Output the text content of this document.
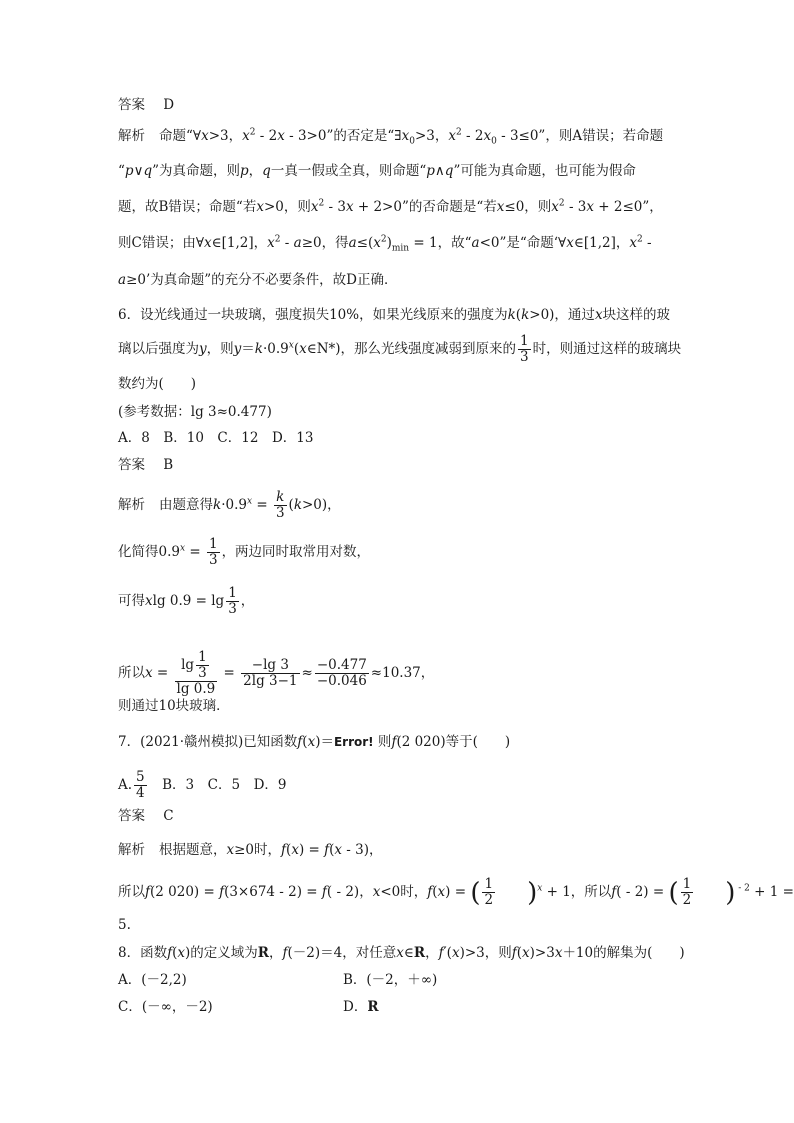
答案 D
解析 命题“∀x>3，$x^2 - 2x - 3>0$”的否定是“$\exists x_0>3$，$x^2 - 2x_0 - 3\le 0$”，则A错误；若命题
“p∨q”为真命题，则p，q一真一假或全真，则命题“p∧q”可能为真命题，也可能为假命
题，故B错误；命题“若x>0，则$x^2 - 3x + 2>0$”的否命题是“若x≤0，则$x^2 - 3x + 2\le 0$”，
则C错误；由∀x∈[1,2]，$x^2 - a\ge 0$，得$a\le(x^2)_{min} = 1$，故“a<0”是“命题‘∀x∈[1,2]，$x^2$ -
a≥0’为真命题”的充分不必要条件，故D正确．
6．设光线通过一块玻璃，强度损失10%，如果光线原来的强度为k(k>0)，通过x块这样的玻
璃以后强度为y，则$y=k\cdot 0.9^x(x\in N*)$，那么光线强度减弱到原来的 $\frac{1}{3}$ 时，则通过这样的玻璃块
数约为(　　)
(参考数据：lg 3≈0.477)
A．8　B．10　C．12　D．13
答案 B
解析 由题意得$k\cdot 0.9^x = \frac{k}{3} (k>0)$，
化简得$0.9^x = \frac{1}{3}$ ，两边同时取常用对数，
可得xlg $0.9 = \lg \frac{1}{3}$ ，
所以$x = \frac{\lg \frac{1}{3}}{\lg 0.9} = \frac{-\lg 3}{2\lg 3-1} \approx \frac{-0.477}{-0.046} \approx 10.37$，
则通过10块玻璃．
7．(2021·赣州模拟)已知函数f(x)＝Error! 则f(2 020)等于(　　)
A. $\frac{5}{4}$ 　B．3　C．5　D．9
答案 C
解析 根据题意，x≥0时，f(x) = f(x - 3)，
所以f(2 020) = f(3×674 - 2) = f( - 2)，x<0时，f(x) = ( $\frac{1}{2} )^x + 1$，所以f( - 2) = ( $\frac{1}{2}$ ) $^{- 2}$ + 1 =
5.
8．函数f(x)的定义域为R，f(－2)＝4，对任意x∈R，f′(x)>3，则f(x)>3x＋10的解集为(　　)
A．(－2,2)	B．(－2，＋∞)
C．(－∞，－2)	D．R
